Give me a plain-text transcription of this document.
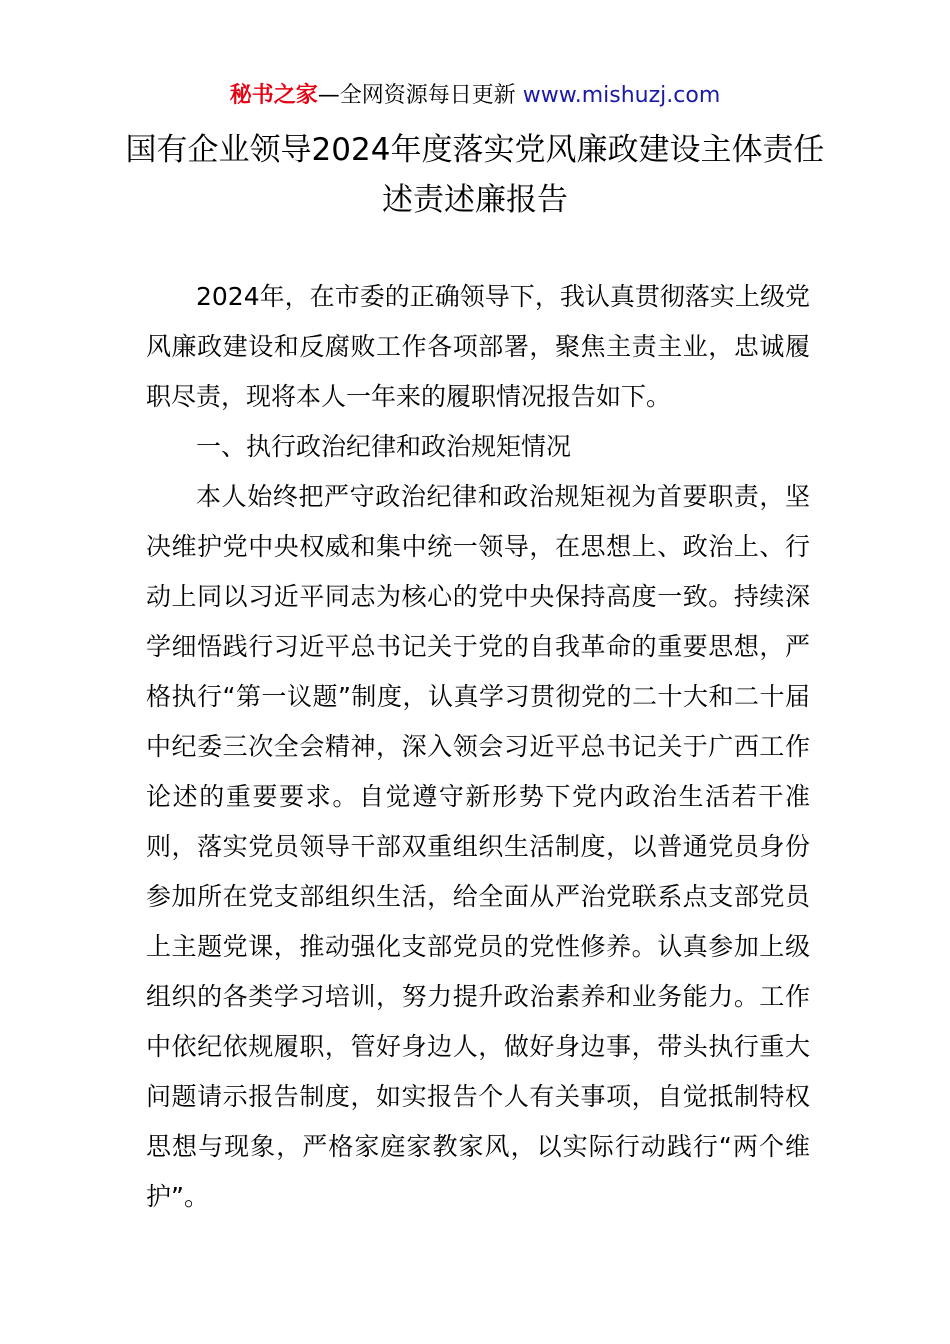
秘书之家—全网资源每日更新 www.mishuzj.com
国有企业领导2024年度落实党风廉政建设主体责任述责述廉报告

2024年，在市委的正确领导下，我认真贯彻落实上级党风廉政建设和反腐败工作各项部署，聚焦主责主业，忠诚履职尽责，现将本人一年来的履职情况报告如下。

一、执行政治纪律和政治规矩情况

本人始终把严守政治纪律和政治规矩视为首要职责，坚决维护党中央权威和集中统一领导，在思想上、政治上、行动上同以习近平同志为核心的党中央保持高度一致。持续深学细悟践行习近平总书记关于党的自我革命的重要思想，严格执行“第一议题”制度，认真学习贯彻党的二十大和二十届中纪委三次全会精神，深入领会习近平总书记关于广西工作论述的重要要求。自觉遵守新形势下党内政治生活若干准则，落实党员领导干部双重组织生活制度，以普通党员身份参加所在党支部组织生活，给全面从严治党联系点支部党员上主题党课，推动强化支部党员的党性修养。认真参加上级组织的各类学习培训，努力提升政治素养和业务能力。工作中依纪依规履职，管好身边人，做好身边事，带头执行重大问题请示报告制度，如实报告个人有关事项，自觉抵制特权思想与现象，严格家庭家教家风，以实际行动践行“两个维护”。
